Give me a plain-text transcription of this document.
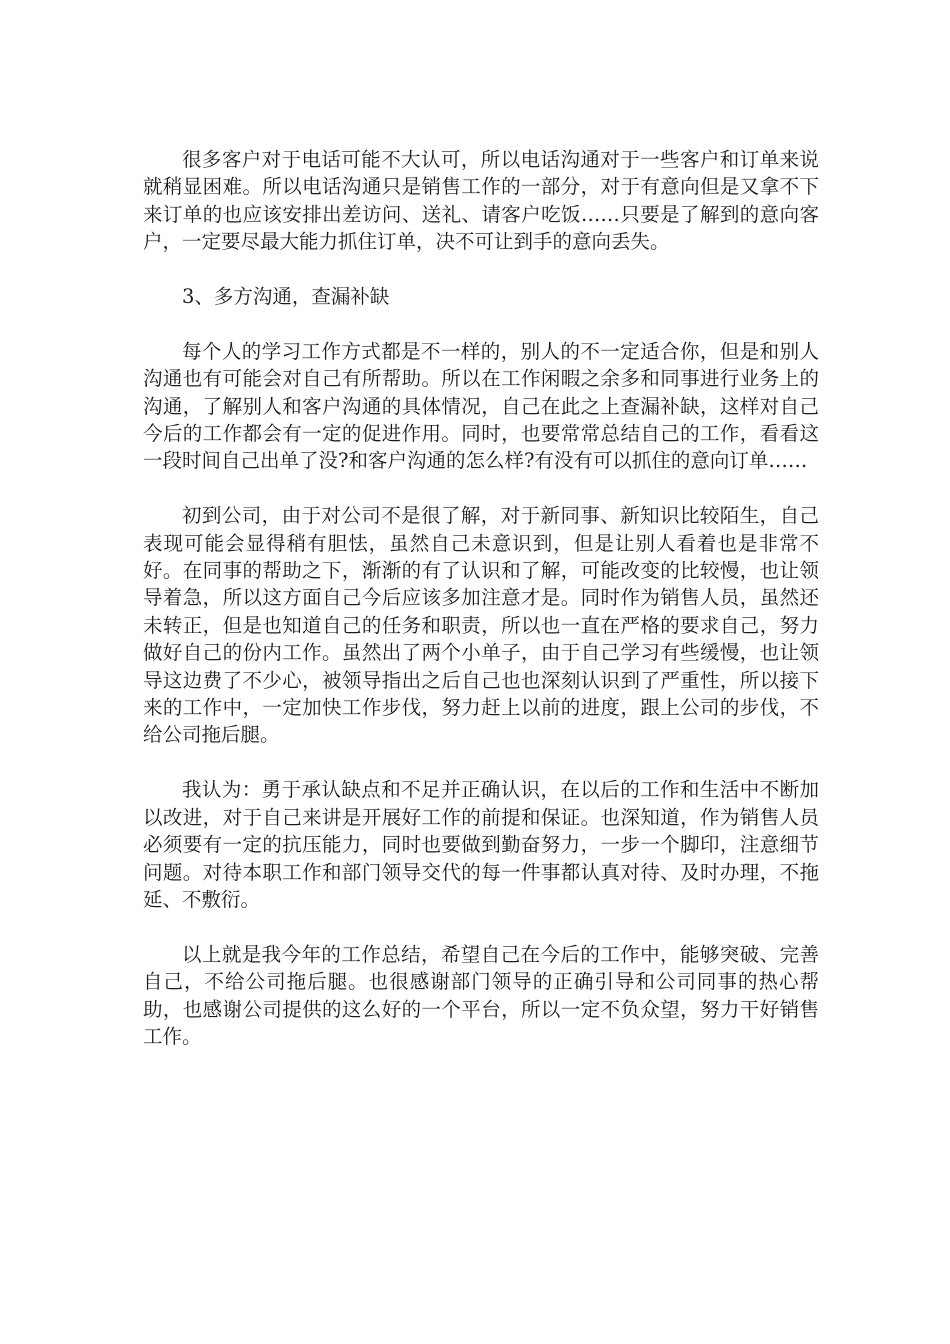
很多客户对于电话可能不大认可，所以电话沟通对于一些客户和订单来说就稍显困难。所以电话沟通只是销售工作的一部分，对于有意向但是又拿不下来订单的也应该安排出差访问、送礼、请客户吃饭……只要是了解到的意向客户，一定要尽最大能力抓住订单，决不可让到手的意向丢失。

3、多方沟通，查漏补缺

每个人的学习工作方式都是不一样的，别人的不一定适合你，但是和别人沟通也有可能会对自己有所帮助。所以在工作闲暇之余多和同事进行业务上的沟通，了解别人和客户沟通的具体情况，自己在此之上查漏补缺，这样对自己今后的工作都会有一定的促进作用。同时，也要常常总结自己的工作，看看这一段时间自己出单了没?和客户沟通的怎么样?有没有可以抓住的意向订单……

初到公司，由于对公司不是很了解，对于新同事、新知识比较陌生，自己表现可能会显得稍有胆怯，虽然自己未意识到，但是让别人看着也是非常不好。在同事的帮助之下，渐渐的有了认识和了解，可能改变的比较慢，也让领导着急，所以这方面自己今后应该多加注意才是。同时作为销售人员，虽然还未转正，但是也知道自己的任务和职责，所以也一直在严格的要求自己，努力做好自己的份内工作。虽然出了两个小单子，由于自己学习有些缓慢，也让领导这边费了不少心，被领导指出之后自己也也深刻认识到了严重性，所以接下来的工作中，一定加快工作步伐，努力赶上以前的进度，跟上公司的步伐，不给公司拖后腿。

我认为：勇于承认缺点和不足并正确认识，在以后的工作和生活中不断加以改进，对于自己来讲是开展好工作的前提和保证。也深知道，作为销售人员必须要有一定的抗压能力，同时也要做到勤奋努力，一步一个脚印，注意细节问题。对待本职工作和部门领导交代的每一件事都认真对待、及时办理，不拖延、不敷衍。

以上就是我今年的工作总结，希望自己在今后的工作中，能够突破、完善自己，不给公司拖后腿。也很感谢部门领导的正确引导和公司同事的热心帮助，也感谢公司提供的这么好的一个平台，所以一定不负众望，努力干好销售工作。
